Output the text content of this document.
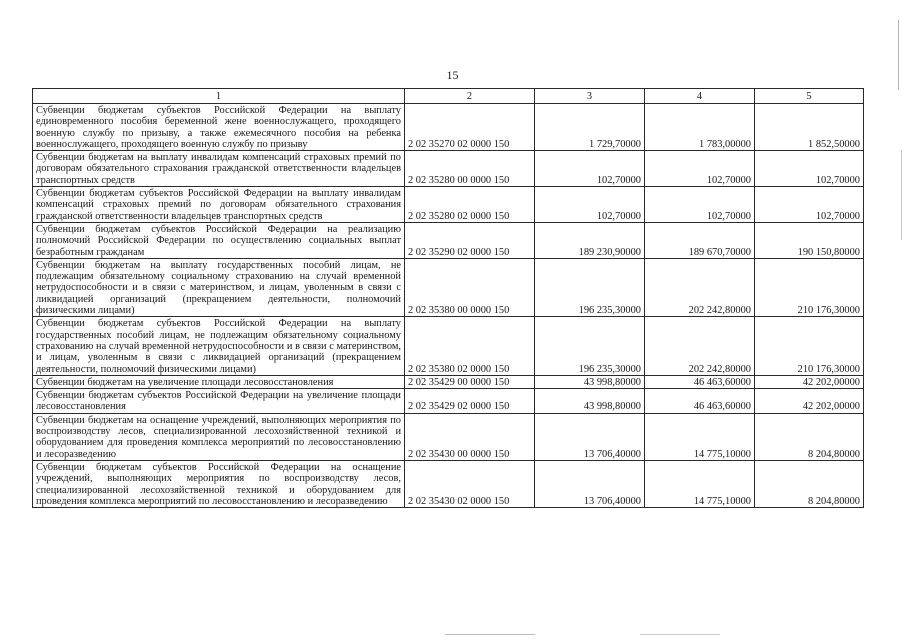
15
1	2	3	4	5
Субвенции бюджетам субъектов Российской Федерации на выплату единовременного пособия беременной жене военнослужащего, проходящего военную службу по призыву, а также ежемесячного пособия на ребенка военнослужащего, проходящего военную службу по призыву	2 02 35270 02 0000 150	1 729,70000	1 783,00000	1 852,50000
Субвенции бюджетам на выплату инвалидам компенсаций страховых премий по договорам обязательного страхования гражданской ответственности владельцев транспортных средств	2 02 35280 00 0000 150	102,70000	102,70000	102,70000
Субвенции бюджетам субъектов Российской Федерации на выплату инвалидам компенсаций страховых премий по договорам обязательного страхования гражданской ответственности владельцев транспортных средств	2 02 35280 02 0000 150	102,70000	102,70000	102,70000
Субвенции бюджетам субъектов Российской Федерации на реализацию полномочий Российской Федерации по осуществлению социальных выплат безработным гражданам	2 02 35290 02 0000 150	189 230,90000	189 670,70000	190 150,80000
Субвенции бюджетам на выплату государственных пособий лицам, не подлежащим обязательному социальному страхованию на случай временной нетрудоспособности и в связи с материнством, и лицам, уволенным в связи с ликвидацией организаций (прекращением деятельности, полномочий физическими лицами)	2 02 35380 00 0000 150	196 235,30000	202 242,80000	210 176,30000
Субвенции бюджетам субъектов Российской Федерации на выплату государственных пособий лицам, не подлежащим обязательному социальному страхованию на случай временной нетрудоспособности и в связи с материнством, и лицам, уволенным в связи с ликвидацией организаций (прекращением деятельности, полномочий физическими лицами)	2 02 35380 02 0000 150	196 235,30000	202 242,80000	210 176,30000
Субвенции бюджетам на увеличение площади лесовосстановления	2 02 35429 00 0000 150	43 998,80000	46 463,60000	42 202,00000
Субвенции бюджетам субъектов Российской Федерации на увеличение площади лесовосстановления	2 02 35429 02 0000 150	43 998,80000	46 463,60000	42 202,00000
Субвенции бюджетам на оснащение учреждений, выполняющих мероприятия по воспроизводству лесов, специализированной лесохозяйственной техникой и оборудованием для проведения комплекса мероприятий по лесовосстановлению и лесоразведению	2 02 35430 00 0000 150	13 706,40000	14 775,10000	8 204,80000
Субвенции бюджетам субъектов Российской Федерации на оснащение учреждений, выполняющих мероприятия по воспроизводству лесов, специализированной лесохозяйственной техникой и оборудованием для проведения комплекса мероприятий по лесовосстановлению и лесоразведению	2 02 35430 02 0000 150	13 706,40000	14 775,10000	8 204,80000
